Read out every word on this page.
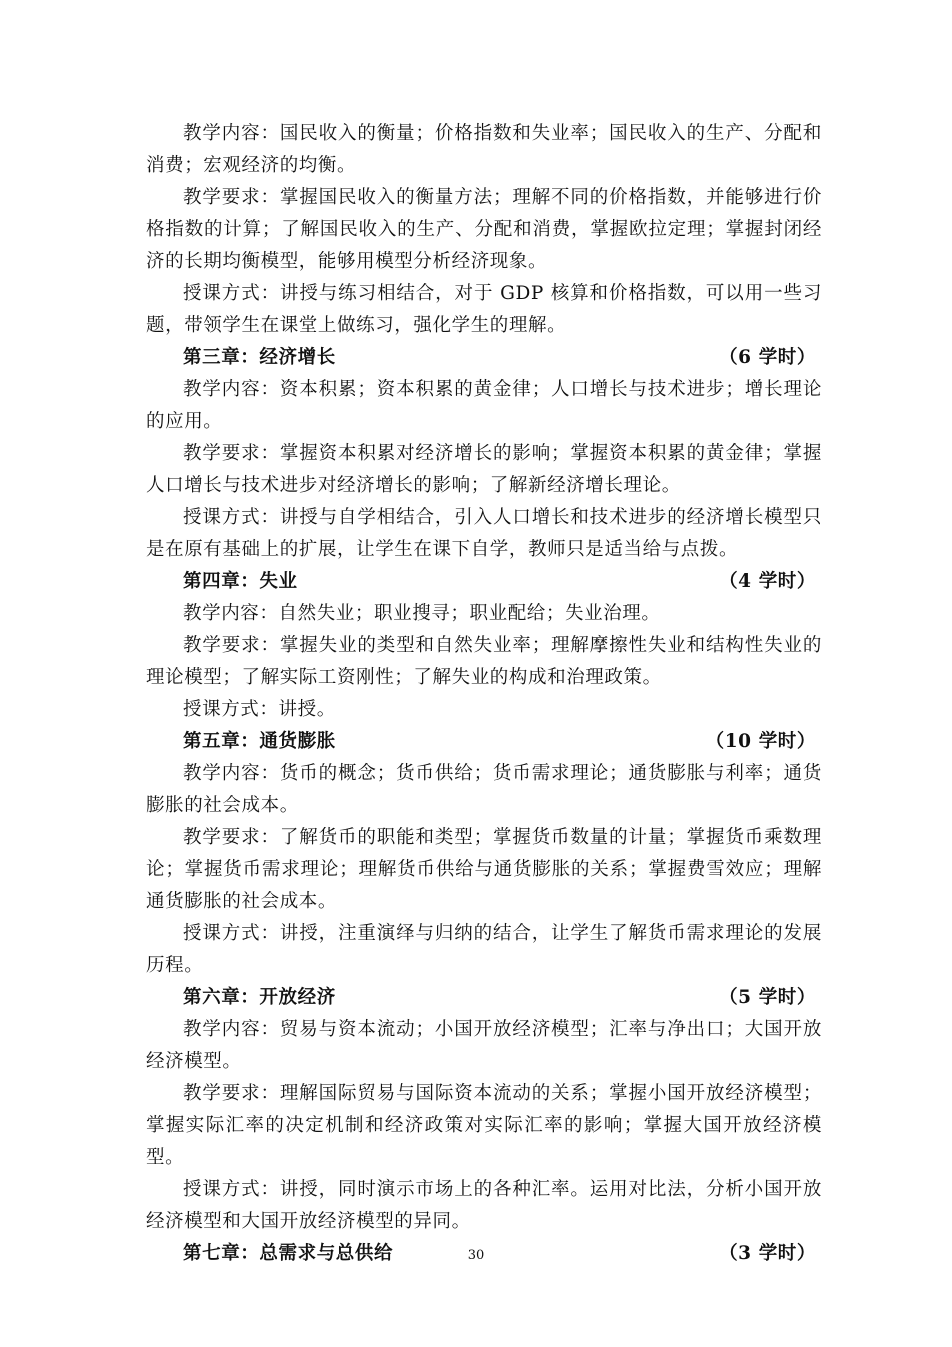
教学内容：国民收入的衡量；价格指数和失业率；国民收入的生产、分配和消费；宏观经济的均衡。

教学要求：掌握国民收入的衡量方法；理解不同的价格指数，并能够进行价格指数的计算；了解国民收入的生产、分配和消费，掌握欧拉定理；掌握封闭经济的长期均衡模型，能够用模型分析经济现象。

授课方式：讲授与练习相结合，对于 GDP 核算和价格指数，可以用一些习题，带领学生在课堂上做练习，强化学生的理解。

第三章：经济增长	（6 学时）

教学内容：资本积累；资本积累的黄金律；人口增长与技术进步；增长理论的应用。

教学要求：掌握资本积累对经济增长的影响；掌握资本积累的黄金律；掌握人口增长与技术进步对经济增长的影响；了解新经济增长理论。

授课方式：讲授与自学相结合，引入人口增长和技术进步的经济增长模型只是在原有基础上的扩展，让学生在课下自学，教师只是适当给与点拨。

第四章：失业	（4 学时）

教学内容：自然失业；职业搜寻；职业配给；失业治理。

教学要求：掌握失业的类型和自然失业率；理解摩擦性失业和结构性失业的理论模型；了解实际工资刚性；了解失业的构成和治理政策。

授课方式：讲授。

第五章：通货膨胀	（10 学时）

教学内容：货币的概念；货币供给；货币需求理论；通货膨胀与利率；通货膨胀的社会成本。

教学要求：了解货币的职能和类型；掌握货币数量的计量；掌握货币乘数理论；掌握货币需求理论；理解货币供给与通货膨胀的关系；掌握费雪效应；理解通货膨胀的社会成本。

授课方式：讲授，注重演绎与归纳的结合，让学生了解货币需求理论的发展历程。

第六章：开放经济	（5 学时）

教学内容：贸易与资本流动；小国开放经济模型；汇率与净出口；大国开放经济模型。

教学要求：理解国际贸易与国际资本流动的关系；掌握小国开放经济模型；掌握实际汇率的决定机制和经济政策对实际汇率的影响；掌握大国开放经济模型。

授课方式：讲授，同时演示市场上的各种汇率。运用对比法，分析小国开放经济模型和大国开放经济模型的异同。

第七章：总需求与总供给	（3 学时）
30
